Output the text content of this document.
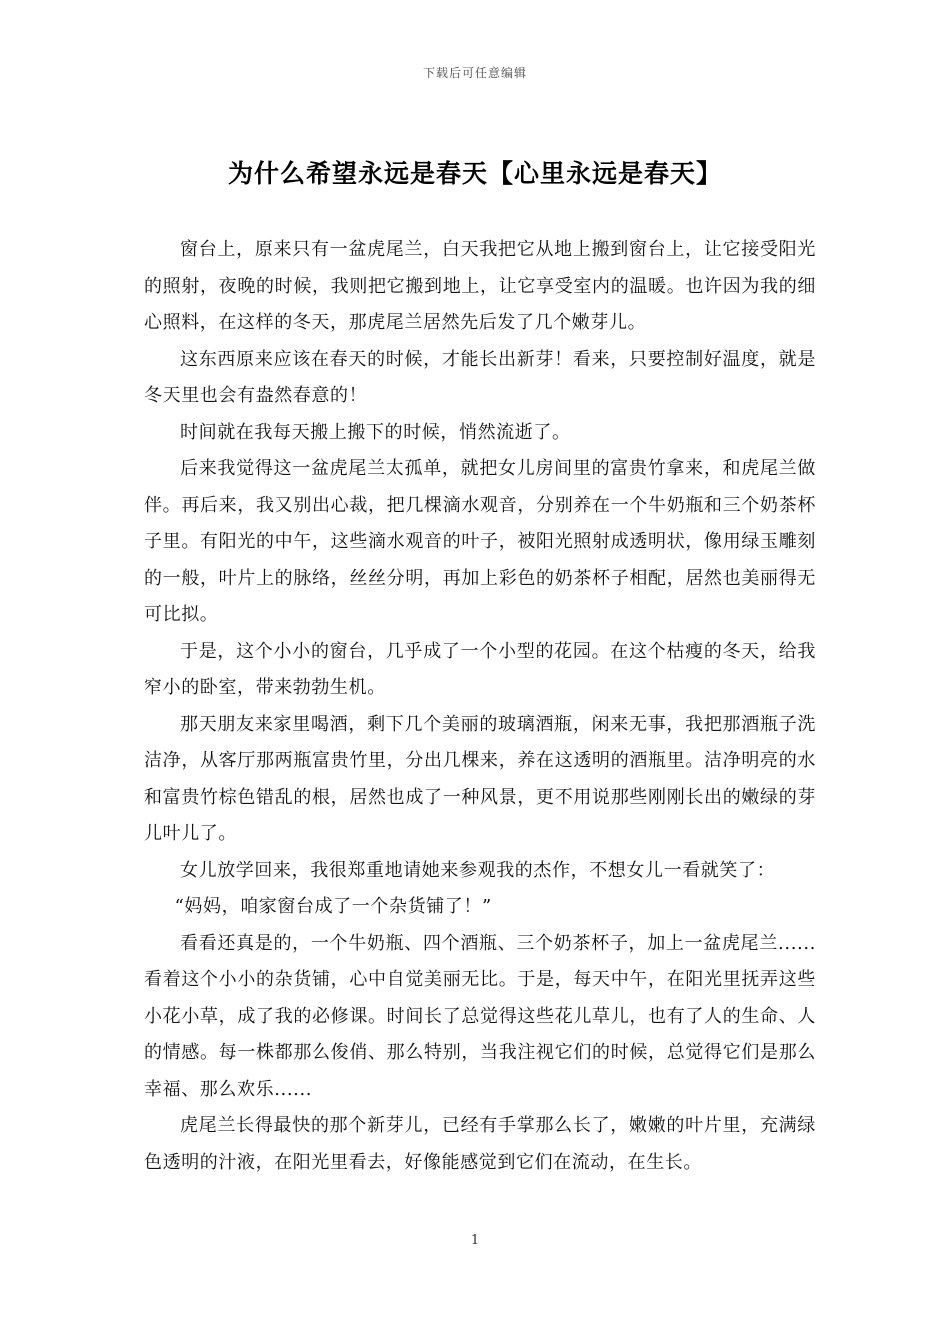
下载后可任意编辑
为什么希望永远是春天【心里永远是春天】

窗台上，原来只有一盆虎尾兰，白天我把它从地上搬到窗台上，让它接受阳光的照射，夜晚的时候，我则把它搬到地上，让它享受室内的温暖。也许因为我的细心照料，在这样的冬天，那虎尾兰居然先后发了几个嫩芽儿。

这东西原来应该在春天的时候，才能长出新芽！看来，只要控制好温度，就是冬天里也会有盎然春意的！

时间就在我每天搬上搬下的时候，悄然流逝了。

后来我觉得这一盆虎尾兰太孤单，就把女儿房间里的富贵竹拿来，和虎尾兰做伴。再后来，我又别出心裁，把几棵滴水观音，分别养在一个牛奶瓶和三个奶茶杯子里。有阳光的中午，这些滴水观音的叶子，被阳光照射成透明状，像用绿玉雕刻的一般，叶片上的脉络，丝丝分明，再加上彩色的奶茶杯子相配，居然也美丽得无可比拟。

于是，这个小小的窗台，几乎成了一个小型的花园。在这个枯瘦的冬天，给我窄小的卧室，带来勃勃生机。

那天朋友来家里喝酒，剩下几个美丽的玻璃酒瓶，闲来无事，我把那酒瓶子洗洁净，从客厅那两瓶富贵竹里，分出几棵来，养在这透明的酒瓶里。洁净明亮的水和富贵竹棕色错乱的根，居然也成了一种风景，更不用说那些刚刚长出的嫩绿的芽儿叶儿了。

女儿放学回来，我很郑重地请她来参观我的杰作，不想女儿一看就笑了：

“妈妈，咱家窗台成了一个杂货铺了！”

看看还真是的，一个牛奶瓶、四个酒瓶、三个奶茶杯子，加上一盆虎尾兰......看着这个小小的杂货铺，心中自觉美丽无比。于是，每天中午，在阳光里抚弄这些小花小草，成了我的必修课。时间长了总觉得这些花儿草儿，也有了人的生命、人的情感。每一株都那么俊俏、那么特别，当我注视它们的时候，总觉得它们是那么幸福、那么欢乐......

虎尾兰长得最快的那个新芽儿，已经有手掌那么长了，嫩嫩的叶片里，充满绿色透明的汁液，在阳光里看去，好像能感觉到它们在流动，在生长。

1
